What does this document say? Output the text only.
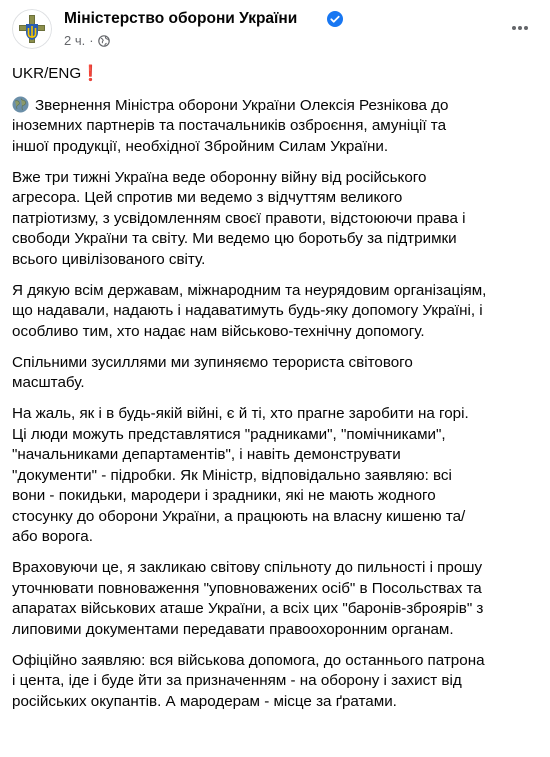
Міністерство оборони України
2 ч. ·

UKR/ENG❗

Звернення Міністра оборони України Олексія Резнікова до
іноземних партнерів та постачальників озброєння, амуніції та
іншої продукції, необхідної Збройним Силам України.

Вже три тижні Україна веде оборонну війну від російського
агресора. Цей спротив ми ведемо з відчуттям великого
патріотизму, з усвідомленням своєї правоти, відстоюючи права і
свободи України та світу. Ми ведемо цю боротьбу за підтримки
всього цивілізованого світу.

Я дякую всім державам, міжнародним та неурядовим організаціям,
що надавали, надають і надаватимуть будь-яку допомогу Україні, і
особливо тим, хто надає нам військово-технічну допомогу.

Спільними зусиллями ми зупиняємо терориста світового
масштабу.

На жаль, як і в будь-якій війні, є й ті, хто прагне заробити на горі.
Ці люди можуть представлятися "радниками", "помічниками",
"начальниками департаментів", і навіть демонструвати
"документи" - підробки. Як Міністр, відповідально заявляю: всі
вони - покидьки, мародери і зрадники, які не мають жодного
стосунку до оборони України, а працюють на власну кишеню та/
або ворога.

Враховуючи це, я закликаю світову спільноту до пильності і прошу
уточнювати повноваження "уповноважених осіб" в Посольствах та
апаратах військових аташе України, а всіх цих "баронів-зброярів" з
липовими документами передавати правоохоронним органам.

Офіційно заявляю: вся військова допомога, до останнього патрона
і цента, іде і буде йти за призначенням - на оборону і захист від
російських окупантів. А мародерам - місце за ґратами.
